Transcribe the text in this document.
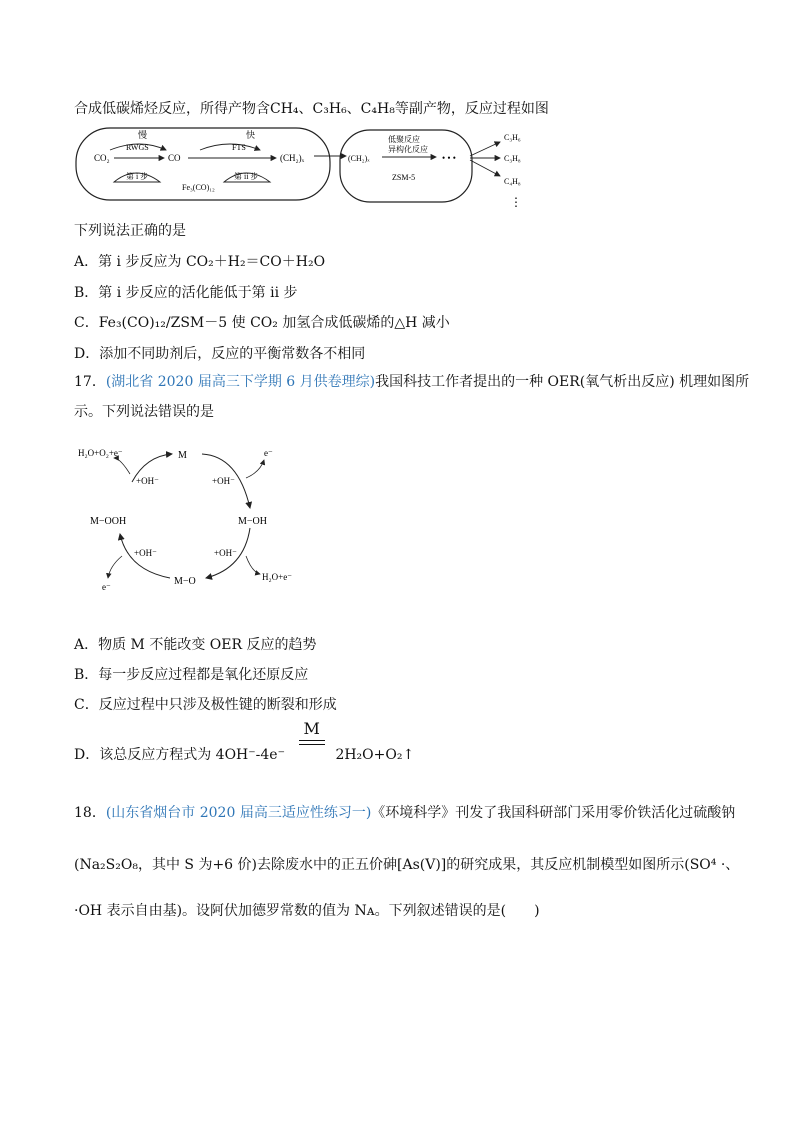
合成低碳烯烃反应，所得产物含CH₄、C₃H₆、C₄H₈等副产物，反应过程如图
慢	快
RWGS	FTS
CO₂	CO	(CH₂)ₓ
第 i 步	第 ii 步
Fe₃(CO)₁₂
(CH₂)ₓ
低聚反应
异构化反应
• • •
ZSM-5
C₃H₆
C₃H₈
C₄H₈
⋮
下列说法正确的是
A．第 i 步反应为 CO₂＋H₂＝CO＋H₂O
B．第 i 步反应的活化能低于第 ii 步
C．Fe₃(CO)₁₂/ZSM－5 使 CO₂ 加氢合成低碳烯的△H 减小
D．添加不同助剂后，反应的平衡常数各不相同
17．(湖北省 2020 届高三下学期 6 月供卷理综)我国科技工作者提出的一种 OER(氧气析出反应) 机理如图所
示。下列说法错误的是
M
M−OH
M−O
M−OOH
+OH⁻	+OH⁻
+OH⁻
+OH⁻
e⁻
e⁻
H₂O+O₂+e⁻
H₂O+e⁻
A．物质 M 不能改变 OER 反应的趋势
B．每一步反应过程都是氧化还原反应
C．反应过程中只涉及极性键的断裂和形成
D．该总反应方程式为 4OH⁻-4e⁻
M
2H₂O+O₂↑
18．(山东省烟台市 2020 届高三适应性练习一)《环境科学》刊发了我国科研部门采用零价铁活化过硫酸钠
(Na₂S₂O₈，其中 S 为+6 价)去除废水中的正五价砷[As(V)]的研究成果，其反应机制模型如图所示(SO⁴ ·、
·OH 表示自由基)。设阿伏加德罗常数的值为 Nᴀ。下列叙述错误的是(　　)
